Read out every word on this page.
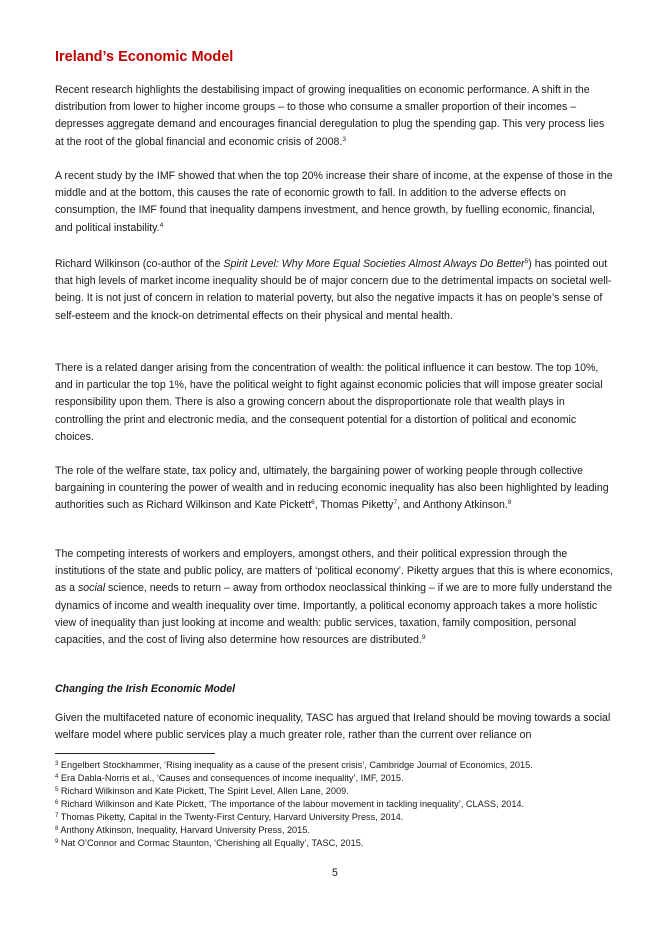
Ireland’s Economic Model

Recent research highlights the destabilising impact of growing inequalities on economic performance. A shift in the distribution from lower to higher income groups – to those who consume a smaller proportion of their incomes – depresses aggregate demand and encourages financial deregulation to plug the spending gap. This very process lies at the root of the global financial and economic crisis of 2008.$^3$

A recent study by the IMF showed that when the top 20% increase their share of income, at the expense of those in the middle and at the bottom, this causes the rate of economic growth to fall. In addition to the adverse effects on consumption, the IMF found that inequality dampens investment, and hence growth, by fuelling economic, financial, and political instability.$^4$

Richard Wilkinson (co-author of the Spirit Level: Why More Equal Societies Almost Always Do Better$^5$) has pointed out that high levels of market income inequality should be of major concern due to the detrimental impacts on societal well-being. It is not just of concern in relation to material poverty, but also the negative impacts it has on people’s sense of self-esteem and the knock-on detrimental effects on their physical and mental health.

There is a related danger arising from the concentration of wealth: the political influence it can bestow. The top 10%, and in particular the top 1%, have the political weight to fight against economic policies that will impose greater social responsibility upon them. There is also a growing concern about the disproportionate role that wealth plays in controlling the print and electronic media, and the consequent potential for a distortion of political and economic choices.

The role of the welfare state, tax policy and, ultimately, the bargaining power of working people through collective bargaining in countering the power of wealth and in reducing economic inequality has also been highlighted by leading authorities such as Richard Wilkinson and Kate Pickett$^6$, Thomas Piketty$^7$, and Anthony Atkinson.$^8$

The competing interests of workers and employers, amongst others, and their political expression through the institutions of the state and public policy, are matters of ‘political economy’. Piketty argues that this is where economics, as a social science, needs to return – away from orthodox neoclassical thinking – if we are to more fully understand the dynamics of income and wealth inequality over time. Importantly, a political economy approach takes a more holistic view of inequality than just looking at income and wealth: public services, taxation, family composition, personal capacities, and the cost of living also determine how resources are distributed.$^9$

Changing the Irish Economic Model

Given the multifaceted nature of economic inequality, TASC has argued that Ireland should be moving towards a social welfare model where public services play a much greater role, rather than the current over reliance on

$^3$ Engelbert Stockhammer, ‘Rising inequality as a cause of the present crisis’, Cambridge Journal of Economics, 2015.
$^4$ Era Dabla-Norris et al., ‘Causes and consequences of income inequality’, IMF, 2015.
$^5$ Richard Wilkinson and Kate Pickett, The Spirit Level, Allen Lane, 2009.
$^6$ Richard Wilkinson and Kate Pickett, ‘The importance of the labour movement in tackling inequality’, CLASS, 2014.
$^7$ Thomas Piketty, Capital in the Twenty-First Century, Harvard University Press, 2014.
$^8$ Anthony Atkinson, Inequality, Harvard University Press, 2015.
$^9$ Nat O’Connor and Cormac Staunton, ‘Cherishing all Equally’, TASC, 2015.
5
